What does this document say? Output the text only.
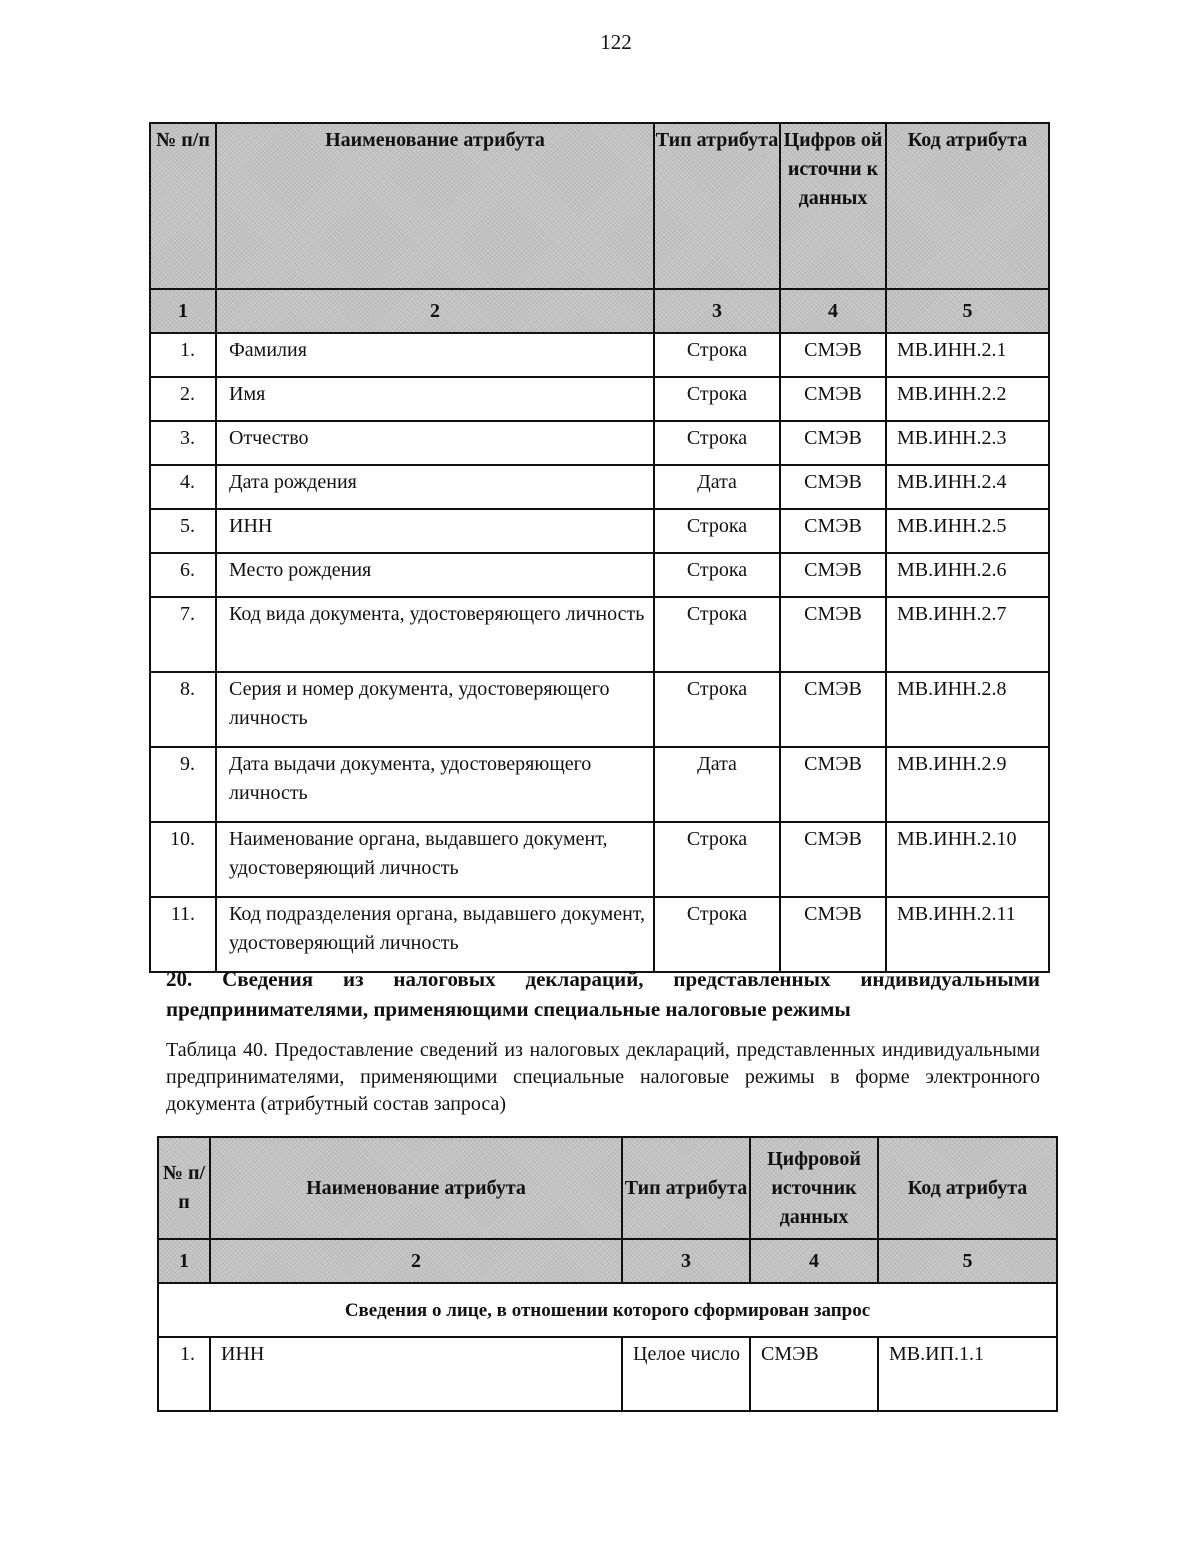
122
№ п/п	Наименование атрибута	Тип атрибута	Цифров ой источни к данных	Код атрибута
1	2	3	4	5
1.	Фамилия	Строка	СМЭВ	МВ.ИНН.2.1
2.	Имя	Строка	СМЭВ	МВ.ИНН.2.2
3.	Отчество	Строка	СМЭВ	МВ.ИНН.2.3
4.	Дата рождения	Дата	СМЭВ	МВ.ИНН.2.4
5.	ИНН	Строка	СМЭВ	МВ.ИНН.2.5
6.	Место рождения	Строка	СМЭВ	МВ.ИНН.2.6
7.	Код вида документа, удостоверяющего личность	Строка	СМЭВ	МВ.ИНН.2.7
8.	Серия и номер документа, удостоверяющего личность	Строка	СМЭВ	МВ.ИНН.2.8
9.	Дата выдачи документа, удостоверяющего личность	Дата	СМЭВ	МВ.ИНН.2.9
10.	Наименование органа, выдавшего документ, удостоверяющий личность	Строка	СМЭВ	МВ.ИНН.2.10
11.	Код подразделения органа, выдавшего документ, удостоверяющий личность	Строка	СМЭВ	МВ.ИНН.2.11
20. Сведения из налоговых деклараций, представленных индивидуальными предпринимателями, применяющими специальные налоговые режимы
Таблица 40. Предоставление сведений из налоговых деклараций, представленных индивидуальными предпринимателями, применяющими специальные налоговые режимы в форме электронного документа (атрибутный состав запроса)
№ п/п	Наименование атрибута	Тип атрибута	Цифровой источник данных	Код атрибута
1	2	3	4	5
Сведения о лице, в отношении которого сформирован запрос				
1.	ИНН	Целое число	СМЭВ	МВ.ИП.1.1
